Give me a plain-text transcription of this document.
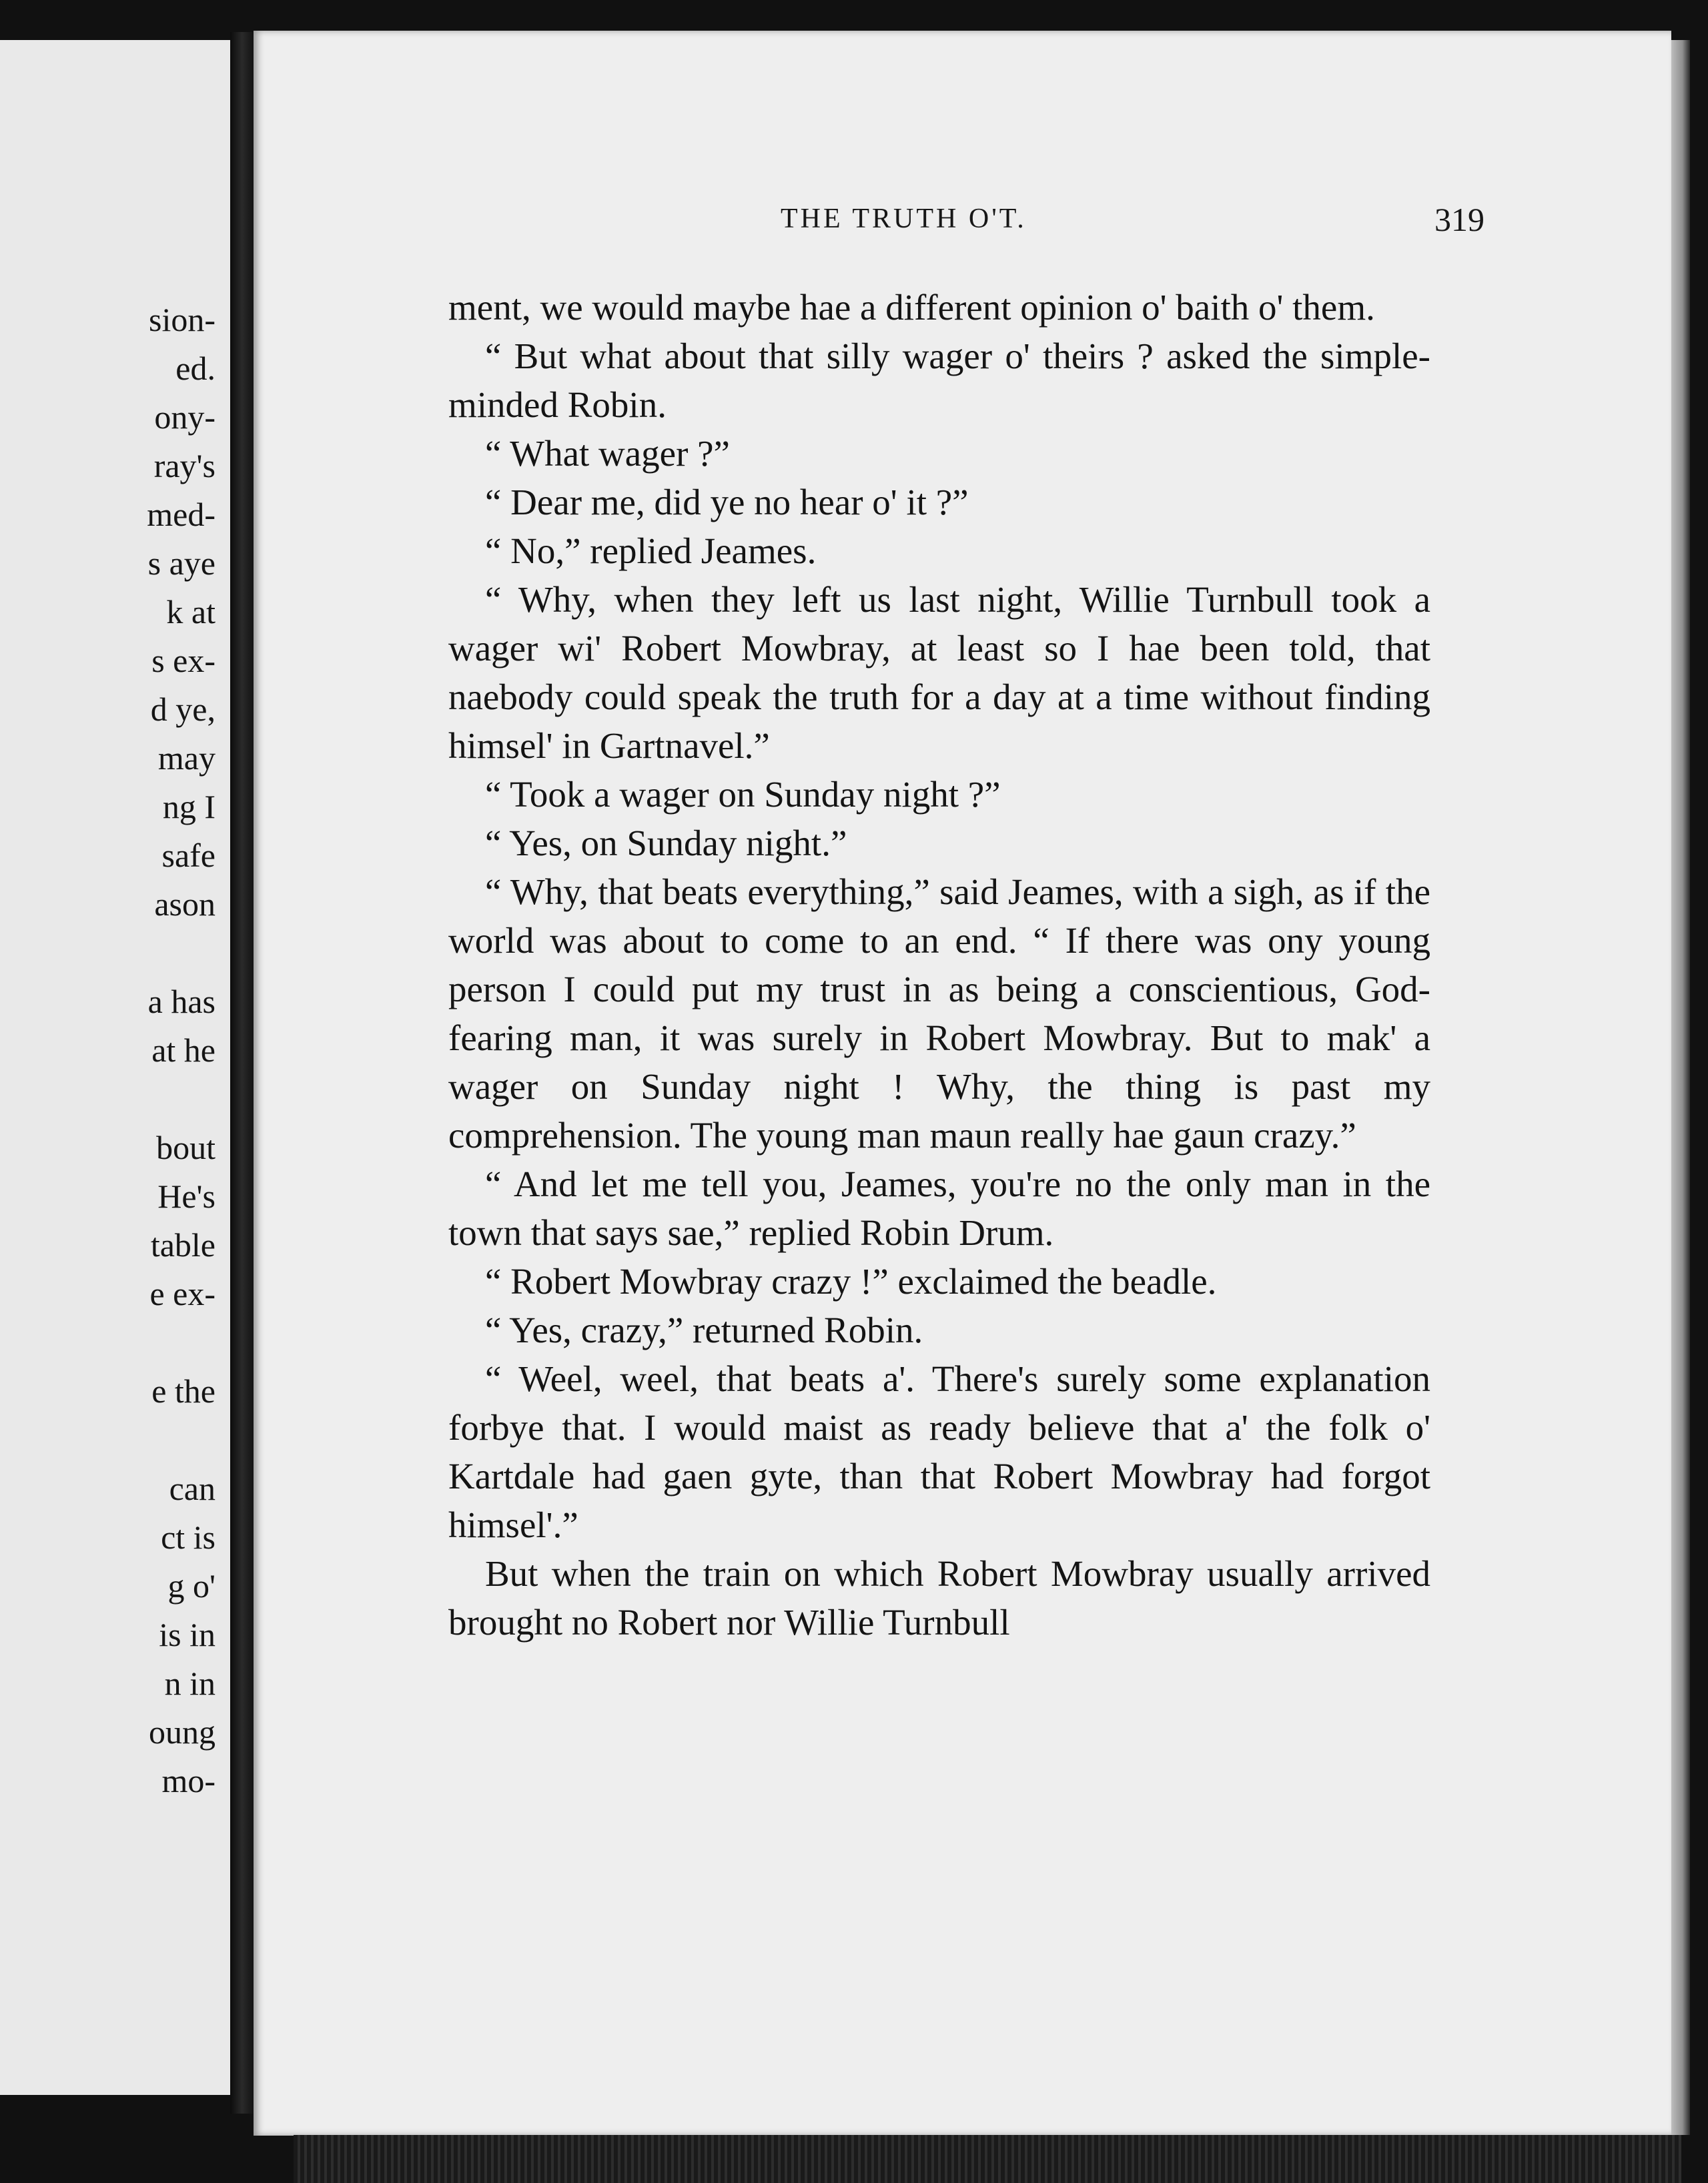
sion-
ed.
ony-
ray's
med-
s aye
k at
s ex-
d ye,
may
ng I
safe
ason
a has
at he
bout
He's
table
e ex-
e the
can
ct is
g o'
is in
n in
oung
mo-
THE TRUTH O'T.	319

ment, we would maybe hae a different opinion o' baith o' them.

“ But what about that silly wager o' theirs ? asked the simple-minded Robin.

“ What wager ?”

“ Dear me, did ye no hear o' it ?”

“ No,” replied Jeames.

“ Why, when they left us last night, Willie Turnbull took a wager wi' Robert Mowbray, at least so I hae been told, that naebody could speak the truth for a day at a time without finding himsel' in Gartnavel.”

“ Took a wager on Sunday night ?”

“ Yes, on Sunday night.”

“ Why, that beats everything,” said Jeames, with a sigh, as if the world was about to come to an end. “ If there was ony young person I could put my trust in as being a conscientious, God-fearing man, it was surely in Robert Mowbray. But to mak' a wager on Sunday night ! Why, the thing is past my comprehension. The young man maun really hae gaun crazy.”

“ And let me tell you, Jeames, you're no the only man in the town that says sae,” replied Robin Drum.

“ Robert Mowbray crazy !” exclaimed the beadle.

“ Yes, crazy,” returned Robin.

“ Weel, weel, that beats a'. There's surely some explanation forbye that. I would maist as ready believe that a' the folk o' Kartdale had gaen gyte, than that Robert Mowbray had forgot himsel'.”

But when the train on which Robert Mowbray usually arrived brought no Robert nor Willie Turnbull
